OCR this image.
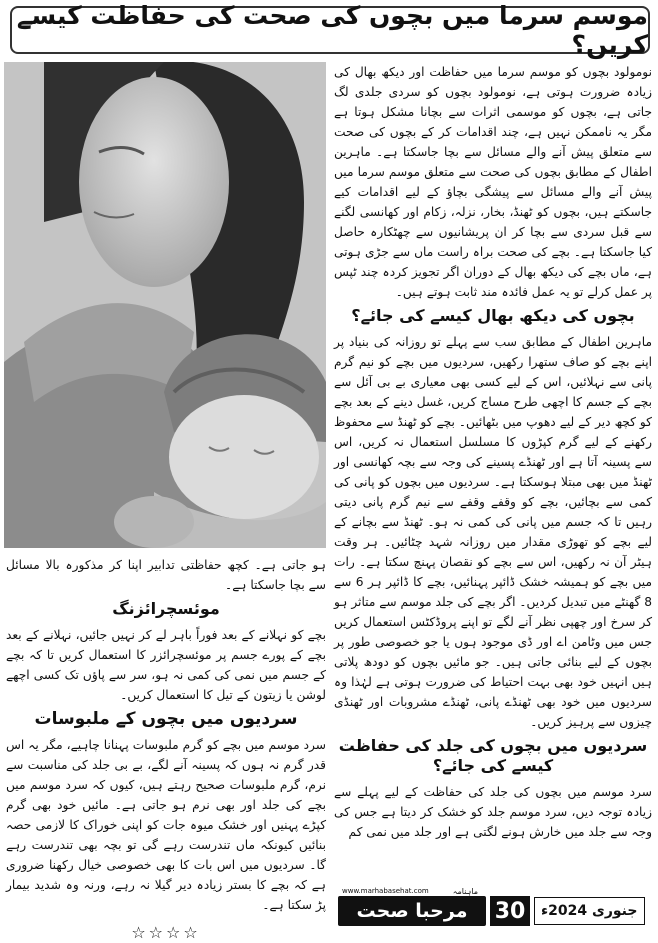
موسم سرما میں بچوں کی صحت کی حفاظت کیسے کریں؟

نومولود بچوں کو موسم سرما میں حفاظت اور دیکھ بھال کی زیادہ ضرورت ہوتی ہے، نومولود بچوں کو سردی جلدی لگ جاتی ہے، بچوں کو موسمی اثرات سے بچانا مشکل ہوتا ہے مگر یہ ناممکن نہیں ہے، چند اقدامات کر کے بچوں کی صحت سے متعلق پیش آنے والے مسائل سے بچا جاسکتا ہے۔ ماہرین اطفال کے مطابق بچوں کی صحت سے متعلق موسم سرما میں پیش آنے والے مسائل سے پیشگی بچاؤ کے لیے اقدامات کیے جاسکتے ہیں، بچوں کو ٹھنڈ، بخار، نزلہ، زکام اور کھانسی لگنے سے قبل سردی سے بچا کر ان پریشانیوں سے چھٹکارہ حاصل کیا جاسکتا ہے۔ بچے کی صحت براہ راست ماں سے جڑی ہوتی ہے، ماں بچے کی دیکھ بھال کے دوران اگر تجویز کردہ چند ٹپس پر عمل کرلے تو یہ عمل فائدہ مند ثابت ہوتے ہیں۔

بچوں کی دیکھ بھال کیسے کی جائے؟

ماہرین اطفال کے مطابق سب سے پہلے تو روزانہ کی بنیاد پر اپنے بچے کو صاف ستھرا رکھیں، سردیوں میں بچے کو نیم گرم پانی سے نہلائیں، اس کے لیے کسی بھی معیاری بے بی آئل سے بچے کے جسم کا اچھی طرح مساج کریں، غسل دینے کے بعد بچے کو کچھ دیر کے لیے دھوپ میں بٹھائیں۔ بچے کو ٹھنڈ سے محفوظ رکھنے کے لیے گرم کپڑوں کا مسلسل استعمال نہ کریں، اس سے پسینہ آتا ہے اور ٹھنڈے پسینے کی وجہ سے بچہ کھانسی اور ٹھنڈ میں بھی مبتلا ہوسکتا ہے۔ سردیوں میں بچوں کو پانی کی کمی سے بچائیں، بچے کو وقفے وقفے سے نیم گرم پانی دیتی رہیں تا کہ جسم میں پانی کی کمی نہ ہو۔ ٹھنڈ سے بچانے کے لیے بچے کو تھوڑی مقدار میں روزانہ شہد چٹائیں۔ ہر وقت ہیٹر آن نہ رکھیں، اس سے بچے کو نقصان پہنچ سکتا ہے۔ رات میں بچے کو ہمیشہ خشک ڈائپر پہنائیں، بچے کا ڈائپر ہر 6 سے 8 گھنٹے میں تبدیل کردیں۔ اگر بچے کی جلد موسم سے متاثر ہو کر سرخ اور چھپی نظر آنے لگے تو اپنے پروڈکٹس استعمال کریں جس میں وٹامن اے اور ڈی موجود ہوں یا جو خصوصی طور پر بچوں کے لیے بنائی جاتی ہیں۔ جو مائیں بچوں کو دودھ پلاتی ہیں انہیں خود بھی بہت احتیاط کی ضرورت ہوتی ہے لہٰذا وہ سردیوں میں خود بھی ٹھنڈے پانی، ٹھنڈے مشروبات اور ٹھنڈی چیزوں سے پرہیز کریں۔

سردیوں میں بچوں کی جلد کی حفاظت کیسے کی جائے؟

سرد موسم میں بچوں کی جلد کی حفاظت کے لیے پہلے سے زیادہ توجہ دیں، سرد موسم جلد کو خشک کر دیتا ہے جس کی وجہ سے جلد میں خارش ہونے لگتی ہے اور جلد میں نمی کم

ہو جاتی ہے۔ کچھ حفاظتی تدابیر اپنا کر مذکورہ بالا مسائل سے بچا جاسکتا ہے۔

موئسچرائزنگ

بچے کو نہلانے کے بعد فوراً باہر لے کر نہیں جائیں، نہلانے کے بعد بچے کے پورے جسم پر موئسچرائزر کا استعمال کریں تا کہ بچے کے جسم میں نمی کی کمی نہ ہو، سر سے پاؤں تک کسی اچھے لوشن یا زیتون کے تیل کا استعمال کریں۔

سردیوں میں بچوں کے ملبوسات

سرد موسم میں بچے کو گرم ملبوسات پہنانا چاہیے، مگر یہ اس قدر گرم نہ ہوں کہ پسینہ آنے لگے، بے بی جلد کی مناسبت سے نرم، گرم ملبوسات صحیح رہتے ہیں، کیوں کہ سرد موسم میں بچے کی جلد اور بھی نرم ہو جاتی ہے۔ مائیں خود بھی گرم کپڑے پہنیں اور خشک میوہ جات کو اپنی خوراک کا لازمی حصہ بنائیں کیونکہ ماں تندرست رہے گی تو بچہ بھی تندرست رہے گا۔ سردیوں میں اس بات کا بھی خصوصی خیال رکھنا ضروری ہے کہ بچے کا بستر زیادہ دیر گیلا نہ رہے، ورنہ وہ شدید بیمار پڑ سکتا ہے۔

☆☆☆☆
www.marhabasehat.com	ماہنامہ
مرحبا صحت 30	جنوری 2024ء
